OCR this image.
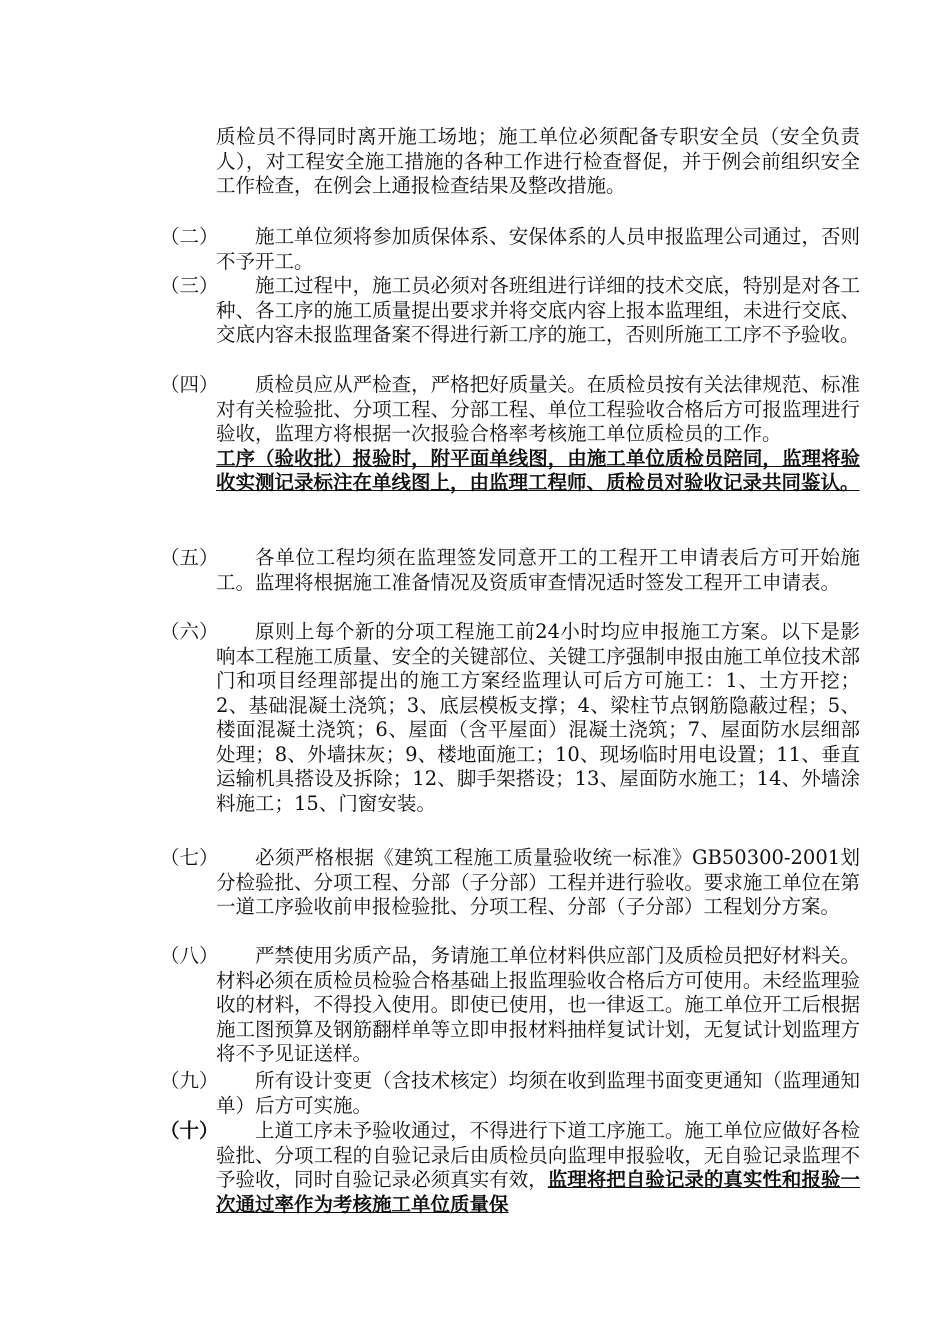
质检员不得同时离开施工场地；施工单位必须配备专职安全员（安全负责人），对工程安全施工措施的各种工作进行检查督促，并于例会前组织安全工作检查，在例会上通报检查结果及整改措施。
（二）	施工单位须将参加质保体系、安保体系的人员申报监理公司通过，否则不予开工。
（三）	施工过程中，施工员必须对各班组进行详细的技术交底，特别是对各工种、各工序的施工质量提出要求并将交底内容上报本监理组，未进行交底、交底内容未报监理备案不得进行新工序的施工，否则所施工工序不予验收。
（四）	质检员应从严检查，严格把好质量关。在质检员按有关法律规范、标准对有关检验批、分项工程、分部工程、单位工程验收合格后方可报监理进行验收，监理方将根据一次报验合格率考核施工单位质检员的工作。
工序（验收批）报验时，附平面单线图，由施工单位质检员陪同，监理将验收实测记录标注在单线图上，由监理工程师、质检员对验收记录共同鉴认。
（五）	各单位工程均须在监理签发同意开工的工程开工申请表后方可开始施工。监理将根据施工准备情况及资质审查情况适时签发工程开工申请表。
（六）	原则上每个新的分项工程施工前24小时均应申报施工方案。以下是影响本工程施工质量、安全的关键部位、关键工序强制申报由施工单位技术部门和项目经理部提出的施工方案经监理认可后方可施工：1、土方开挖；2、基础混凝土浇筑；3、底层模板支撑；4、梁柱节点钢筋隐蔽过程；5、楼面混凝土浇筑；6、屋面（含平屋面）混凝土浇筑；7、屋面防水层细部处理；8、外墙抹灰；9、楼地面施工；10、现场临时用电设置；11、垂直运输机具搭设及拆除；12、脚手架搭设；13、屋面防水施工；14、外墙涂料施工；15、门窗安装。
（七）	必须严格根据《建筑工程施工质量验收统一标准》GB50300-2001划分检验批、分项工程、分部（子分部）工程并进行验收。要求施工单位在第一道工序验收前申报检验批、分项工程、分部（子分部）工程划分方案。
（八）	严禁使用劣质产品，务请施工单位材料供应部门及质检员把好材料关。材料必须在质检员检验合格基础上报监理验收合格后方可使用。未经监理验收的材料，不得投入使用。即使已使用，也一律返工。施工单位开工后根据施工图预算及钢筋翻样单等立即申报材料抽样复试计划，无复试计划监理方将不予见证送样。
（九）	所有设计变更（含技术核定）均须在收到监理书面变更通知（监理通知单）后方可实施。
（十）	上道工序未予验收通过，不得进行下道工序施工。施工单位应做好各检验批、分项工程的自验记录后由质检员向监理申报验收，无自验记录监理不予验收，同时自验记录必须真实有效，监理将把自验记录的真实性和报验一次通过率作为考核施工单位质量保
